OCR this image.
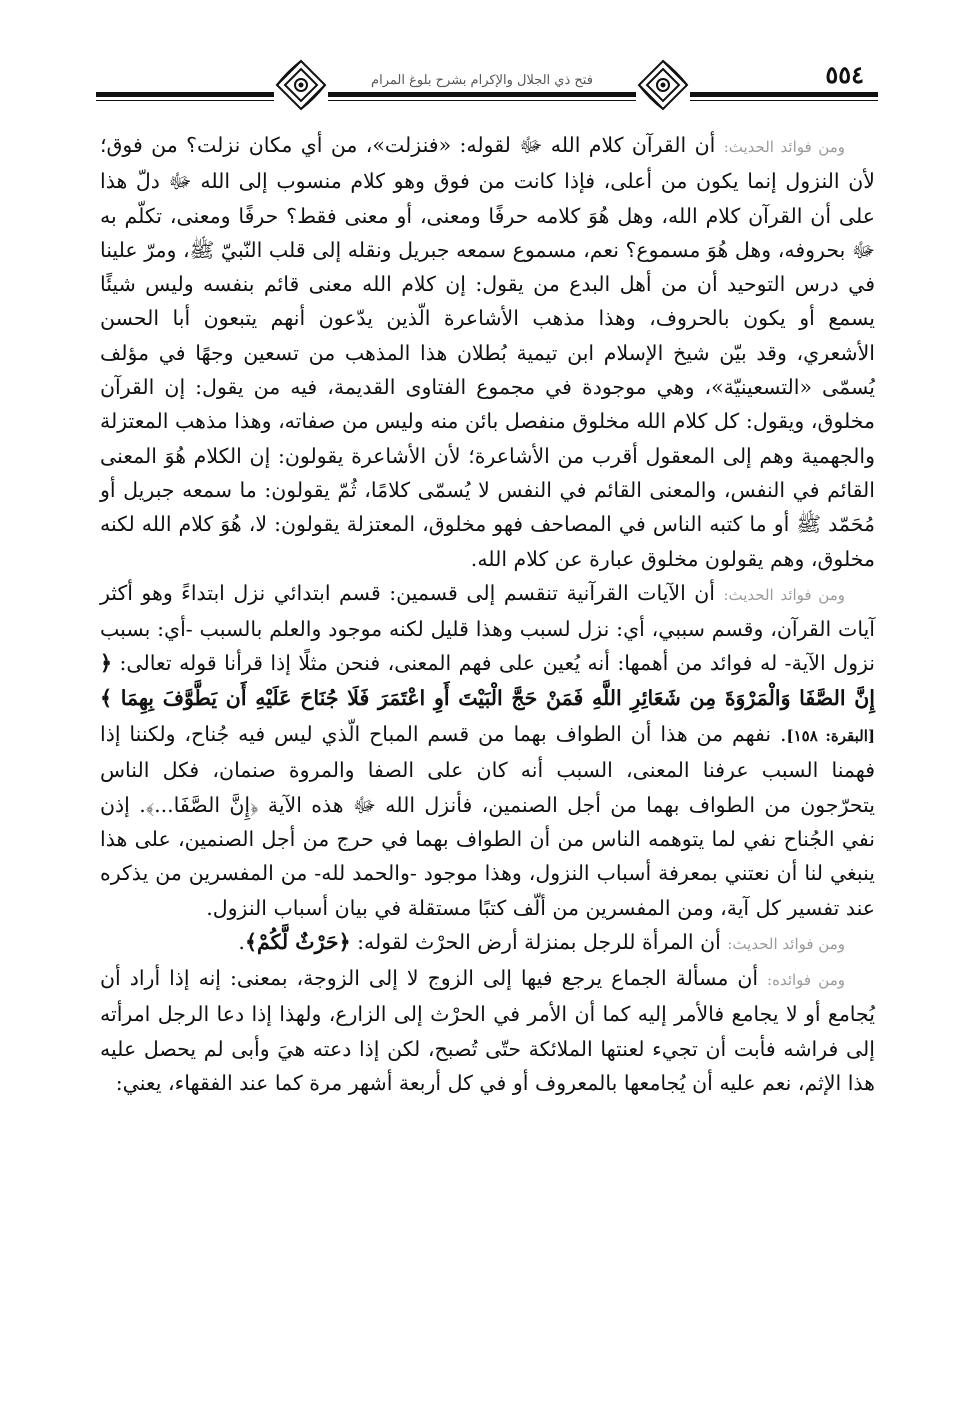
فتح ذي الجلال والإكرام بشرح بلوغ المرام	٥٥٤

ومن فوائد الحديث: أن القرآن كلام الله ﷻ لقوله: «فنزلت»، من أي مكان نزلت؟ من فوق؛ لأن النزول إنما يكون من أعلى، فإذا كانت من فوق وهو كلام منسوب إلى الله ﷻ دلّ هذا على أن القرآن كلام الله، وهل هُوَ كلامه حرفًا ومعنى، أو معنى فقط؟ حرفًا ومعنى، تكلّم به ﷻ بحروفه، وهل هُوَ مسموع؟ نعم، مسموع سمعه جبريل ونقله إلى قلب النّبيّ ﷺ، ومرّ علينا في درس التوحيد أن من أهل البدع من يقول: إن كلام الله معنى قائم بنفسه وليس شيئًا يسمع أو يكون بالحروف، وهذا مذهب الأشاعرة الّذين يدّعون أنهم يتبعون أبا الحسن الأشعري، وقد بيّن شيخ الإسلام ابن تيمية بُطلان هذا المذهب من تسعين وجهًا في مؤلف يُسمّى «التسعينيّة»، وهي موجودة في مجموع الفتاوى القديمة، فيه من يقول: إن القرآن مخلوق، ويقول: كل كلام الله مخلوق منفصل بائن منه وليس من صفاته، وهذا مذهب المعتزلة والجهمية وهم إلى المعقول أقرب من الأشاعرة؛ لأن الأشاعرة يقولون: إن الكلام هُوَ المعنى القائم في النفس، والمعنى القائم في النفس لا يُسمّى كلامًا، ثُمّ يقولون: ما سمعه جبريل أو مُحَمّد ﷺ أو ما كتبه الناس في المصاحف فهو مخلوق، المعتزلة يقولون: لا، هُوَ كلام الله لكنه مخلوق، وهم يقولون مخلوق عبارة عن كلام الله.

ومن فوائد الحديث: أن الآيات القرآنية تنقسم إلى قسمين: قسم ابتدائي نزل ابتداءً وهو أكثر آيات القرآن، وقسم سببي، أي: نزل لسبب وهذا قليل لكنه موجود والعلم بالسبب -أي: بسبب نزول الآية- له فوائد من أهمها: أنه يُعين على فهم المعنى، فنحن مثلًا إذا قرأنا قوله تعالى: ﴿ إِنَّ الصَّفَا وَالْمَرْوَةَ مِن شَعَائِرِ اللَّهِ فَمَنْ حَجَّ الْبَيْتَ أَوِ اعْتَمَرَ فَلَا جُنَاحَ عَلَيْهِ أَن يَطَّوَّفَ بِهِمَا ﴾ [البقرة: ١٥٨]. نفهم من هذا أن الطواف بهما من قسم المباح الّذي ليس فيه جُناح، ولكننا إذا فهمنا السبب عرفنا المعنى، السبب أنه كان على الصفا والمروة صنمان، فكل الناس يتحرّجون من الطواف بهما من أجل الصنمين، فأنزل الله ﷻ هذه الآية ﴿إِنَّ الصَّفَا...﴾. إذن نفي الجُناح نفي لما يتوهمه الناس من أن الطواف بهما في حرج من أجل الصنمين، على هذا ينبغي لنا أن نعتني بمعرفة أسباب النزول، وهذا موجود -والحمد لله- من المفسرين من يذكره عند تفسير كل آية، ومن المفسرين من ألّف كتبًا مستقلة في بيان أسباب النزول.

ومن فوائد الحديث: أن المرأة للرجل بمنزلة أرض الحرْث لقوله: ﴿حَرْثٌ لَّكُمْ﴾.

ومن فوائده: أن مسألة الجماع يرجع فيها إلى الزوج لا إلى الزوجة، بمعنى: إنه إذا أراد أن يُجامع أو لا يجامع فالأمر إليه كما أن الأمر في الحرْث إلى الزارع، ولهذا إذا دعا الرجل امرأته إلى فراشه فأبت أن تجيء لعنتها الملائكة حتّى تُصبح، لكن إذا دعته هيَ وأبى لم يحصل عليه هذا الإثم، نعم عليه أن يُجامعها بالمعروف أو في كل أربعة أشهر مرة كما عند الفقهاء، يعني:
